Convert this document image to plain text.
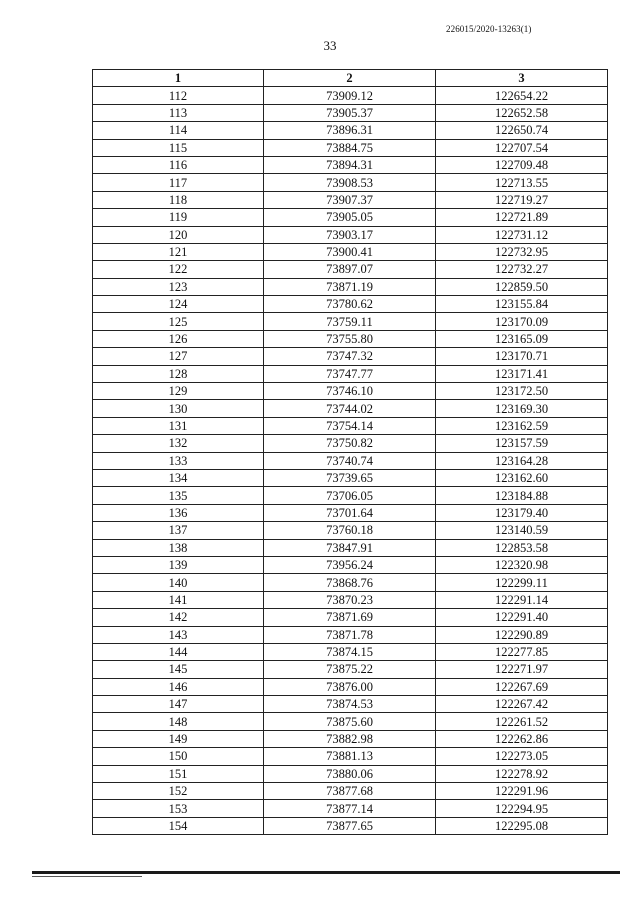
226015/2020-13263(1)
33
1	2	3
112	73909.12	122654.22
113	73905.37	122652.58
114	73896.31	122650.74
115	73884.75	122707.54
116	73894.31	122709.48
117	73908.53	122713.55
118	73907.37	122719.27
119	73905.05	122721.89
120	73903.17	122731.12
121	73900.41	122732.95
122	73897.07	122732.27
123	73871.19	122859.50
124	73780.62	123155.84
125	73759.11	123170.09
126	73755.80	123165.09
127	73747.32	123170.71
128	73747.77	123171.41
129	73746.10	123172.50
130	73744.02	123169.30
131	73754.14	123162.59
132	73750.82	123157.59
133	73740.74	123164.28
134	73739.65	123162.60
135	73706.05	123184.88
136	73701.64	123179.40
137	73760.18	123140.59
138	73847.91	122853.58
139	73956.24	122320.98
140	73868.76	122299.11
141	73870.23	122291.14
142	73871.69	122291.40
143	73871.78	122290.89
144	73874.15	122277.85
145	73875.22	122271.97
146	73876.00	122267.69
147	73874.53	122267.42
148	73875.60	122261.52
149	73882.98	122262.86
150	73881.13	122273.05
151	73880.06	122278.92
152	73877.68	122291.96
153	73877.14	122294.95
154	73877.65	122295.08
